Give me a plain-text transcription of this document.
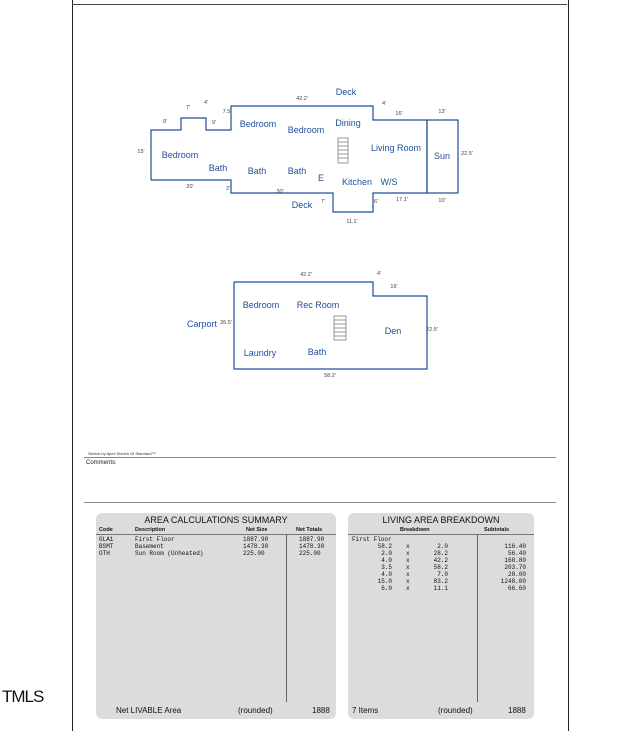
Deck
Bedroom
Bedroom
Dining
Living Room
Sun
Bedroom
Bath Bath Bath
E Kitchen W/S
Deck
42.2'
7'
4'	4'
13'
16'
9'	9'
7.5'
15'	22.5'
20'	2'	30'
7'	6'	17.1'	10'
11.1'
Bedroom Rec Room
Carport
Den
Laundry	Bath
42.2'	4'
16'
26.5'
22.5'
58.2'
Sketch by Apex Sketch v5 Standard™
Comments:
AREA CALCULATIONS SUMMARY
Code	Description	Net Size	Net Totals
GLA1	First Floor	1887.90	1887.90
BSMT	Basement	1478.30	1478.30
OTH	Sun Room (Unheated)	225.00	225.00
Net LIVABLE Area	(rounded)	1888
LIVING AREA BREAKDOWN
Breakdown	Subtotals
First Floor
58.2 x	2.0	116.40
2.0 x	28.2	56.40
4.0 x	42.2	168.80
3.5 x	58.2	203.70
4.0 x	7.0	28.00
15.0 x	83.2	1248.00
6.0 x	11.1	66.60
7 Items	(rounded)	1888
TMLS
